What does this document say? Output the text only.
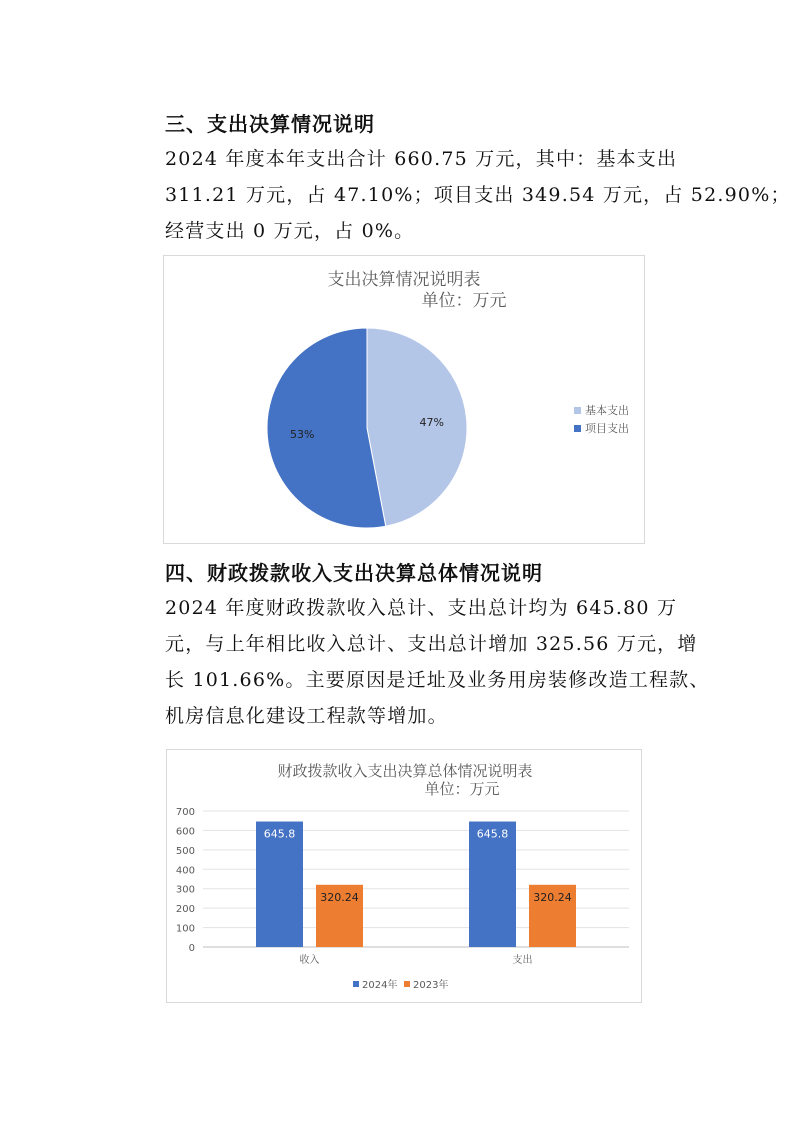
三、支出决算情况说明
2024 年度本年支出合计 660.75 万元，其中：基本支出
311.21 万元，占 47.10%；项目支出 349.54 万元，占 52.90%；
经营支出 0 万元，占 0%。
支出决算情况说明表
单位：万元
47%
53%
基本支出
项目支出
四、财政拨款收入支出决算总体情况说明
2024 年度财政拨款收入总计、支出总计均为 645.80 万
元，与上年相比收入总计、支出总计增加 325.56 万元，增
长 101.66%。主要原因是迁址及业务用房装修改造工程款、
机房信息化建设工程款等增加。
财政拨款收入支出决算总体情况说明表
单位：万元
0
100
200
300
400
500
600
700
645.8
320.24
收入
645.8
320.24
支出
2024年 2023年
